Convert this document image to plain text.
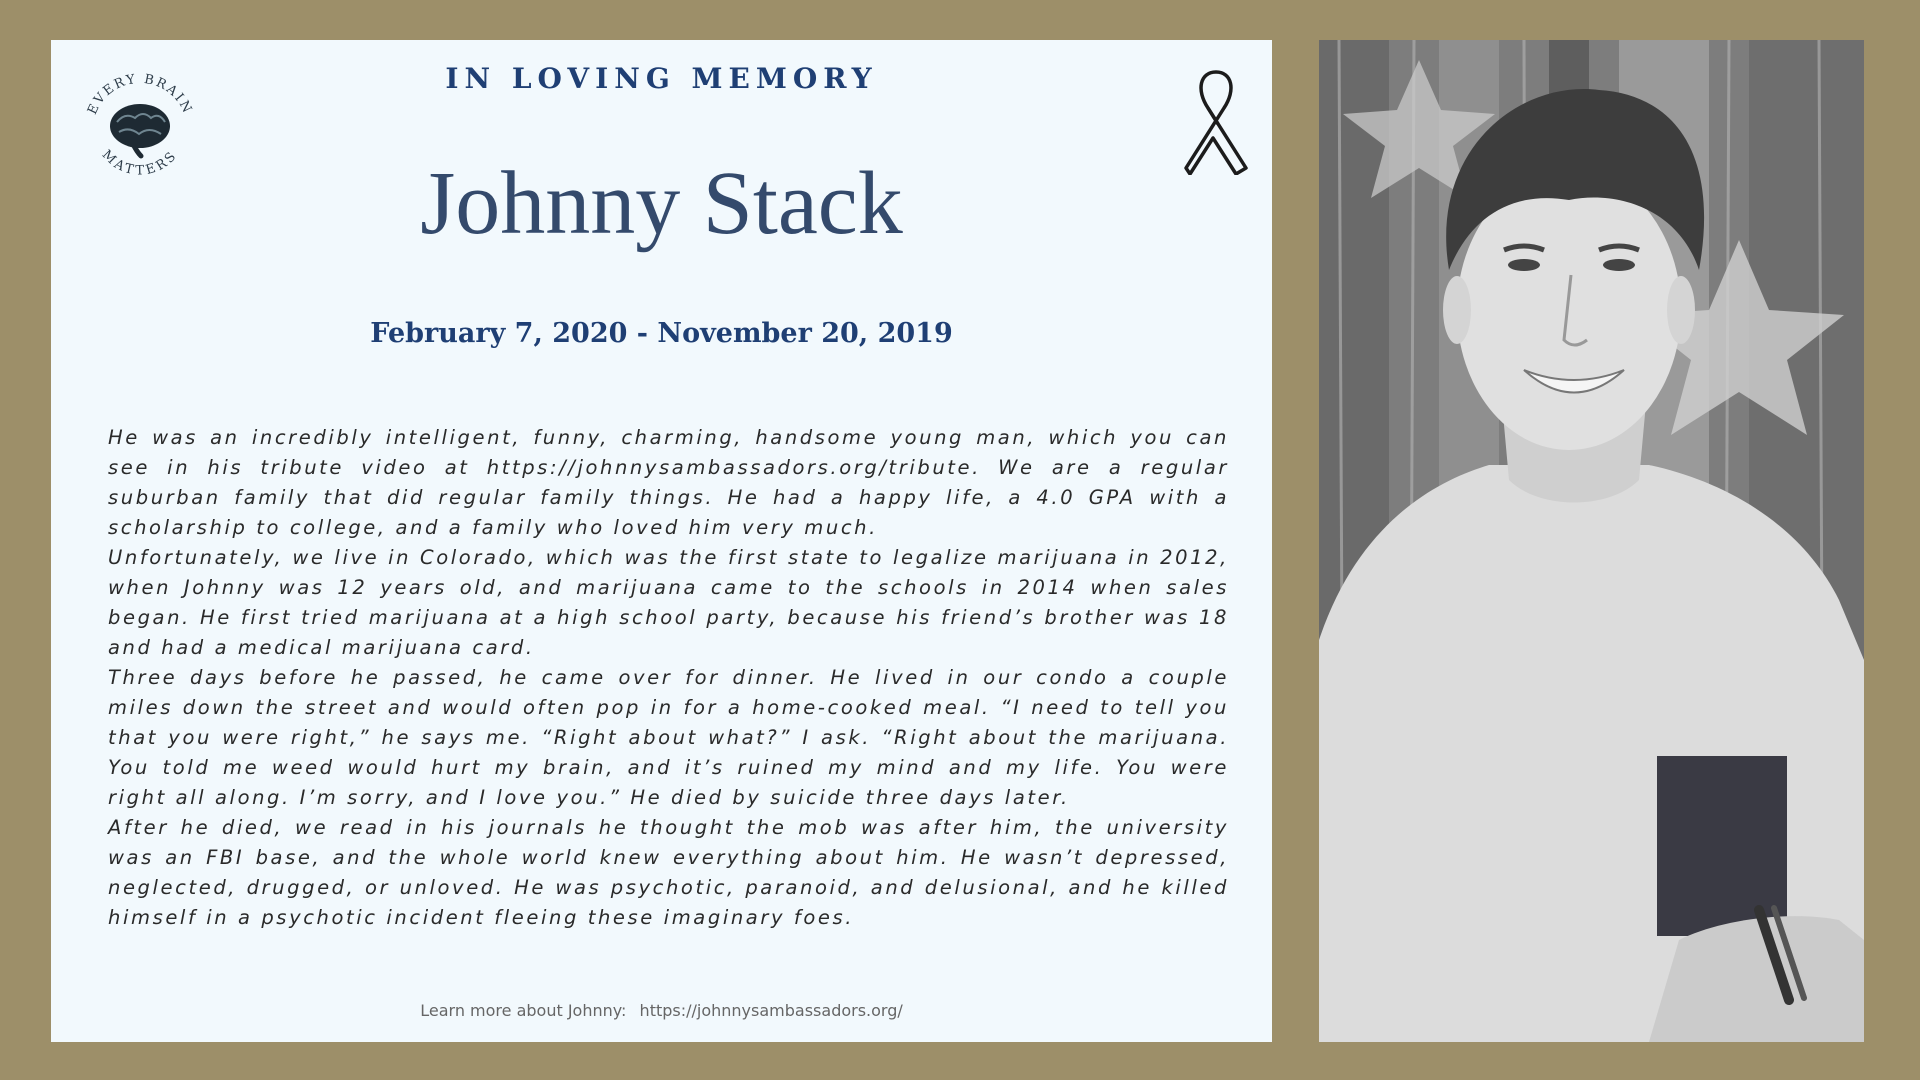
EVERY BRAIN
MATTERS
IN LOVING MEMORY
Johnny Stack
February 7, 2020 - November 20, 2019

He was an incredibly intelligent, funny, charming, handsome young man, which you can see in his tribute video at https://johnnysambassadors.org/tribute. We are a regular suburban family that did regular family things. He had a happy life, a 4.0 GPA with a scholarship to college, and a family who loved him very much.

Unfortunately, we live in Colorado, which was the first state to legalize marijuana in 2012, when Johnny was 12 years old, and marijuana came to the schools in 2014 when sales began. He first tried marijuana at a high school party, because his friend’s brother was 18 and had a medical marijuana card.

Three days before he passed, he came over for dinner. He lived in our condo a couple miles down the street and would often pop in for a home-cooked meal. “I need to tell you that you were right,” he says me. “Right about what?” I ask. “Right about the marijuana. You told me weed would hurt my brain, and it’s ruined my mind and my life. You were right all along. I’m sorry, and I love you.” He died by suicide three days later.

After he died, we read in his journals he thought the mob was after him, the university was an FBI base, and the whole world knew everything about him. He wasn’t depressed, neglected, drugged, or unloved. He was psychotic, paranoid, and delusional, and he killed himself in a psychotic incident fleeing these imaginary foes.

Learn more about Johnny: https://johnnysambassadors.org/
